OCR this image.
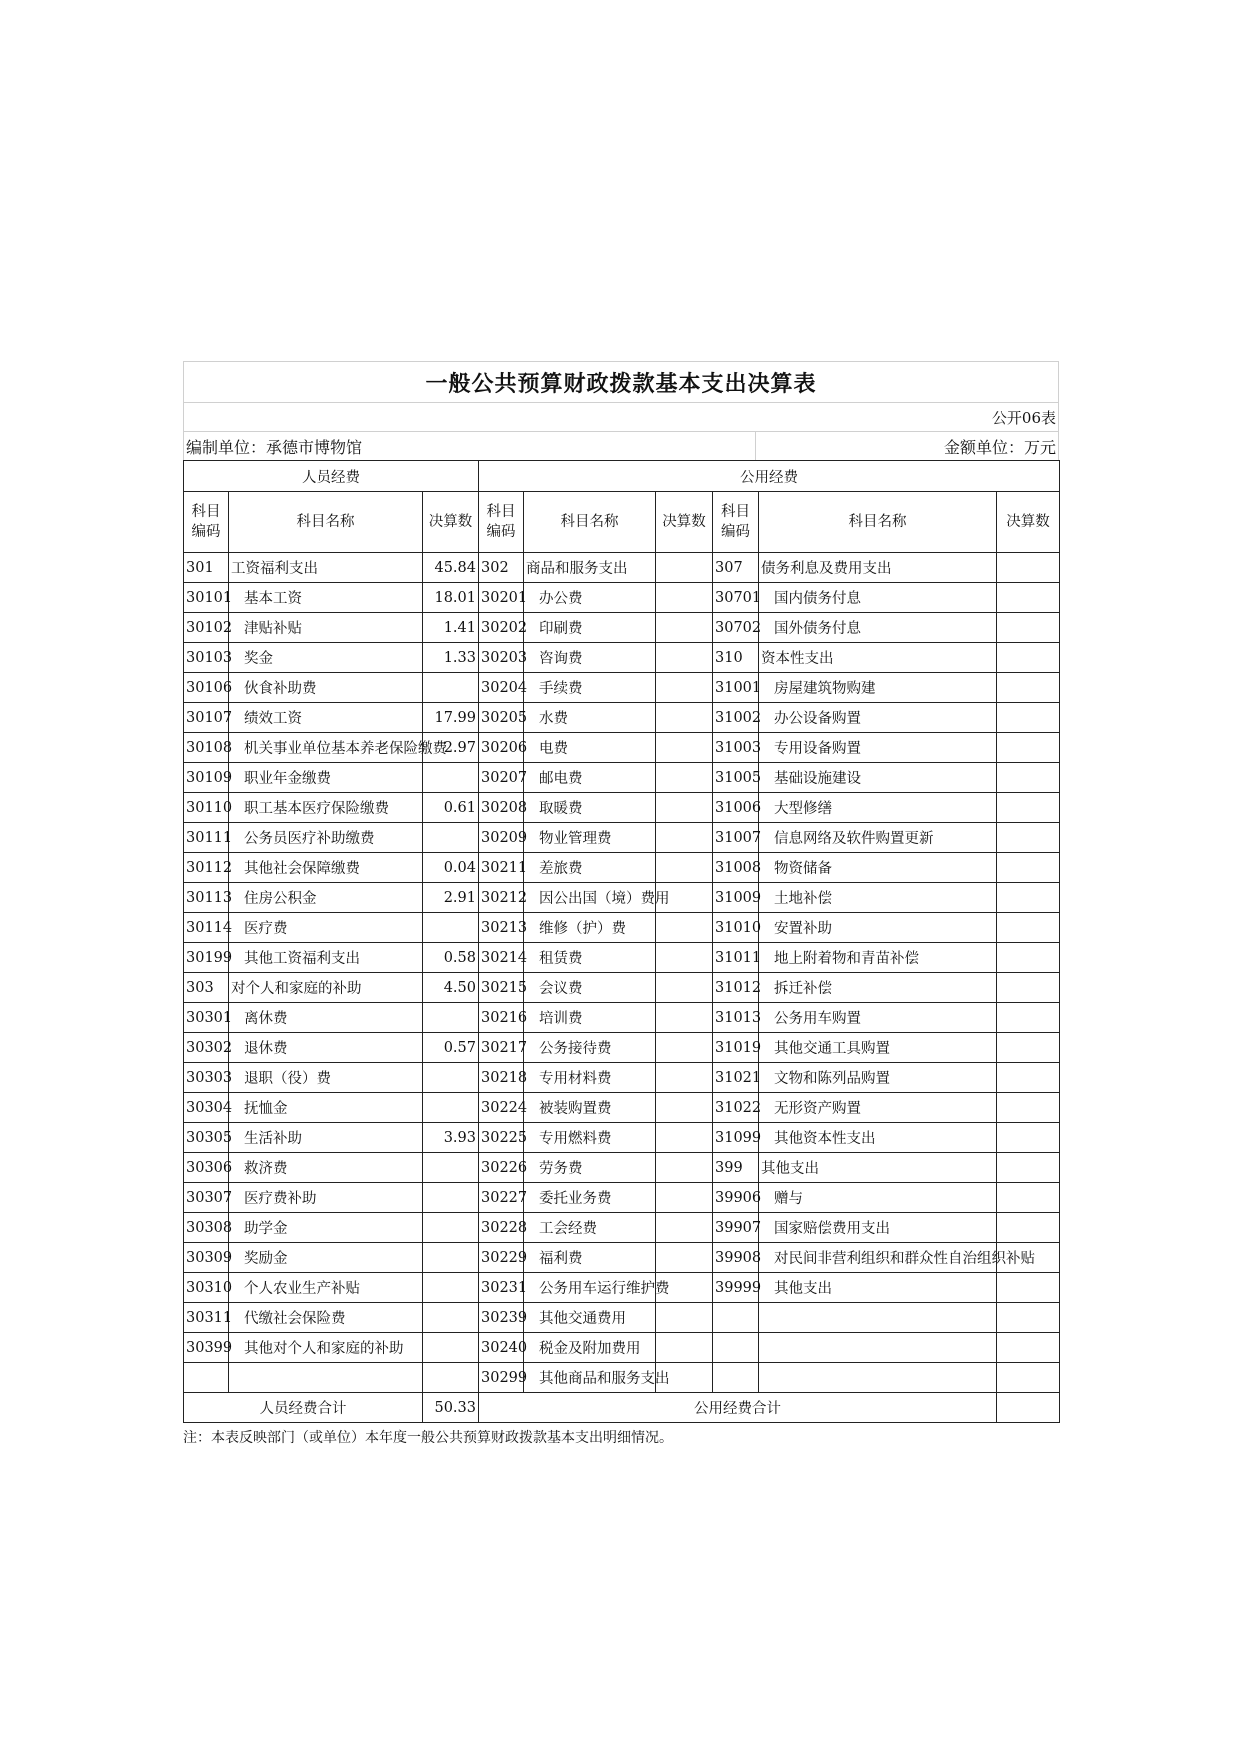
一般公共预算财政拨款基本支出决算表
公开06表
编制单位：承德市博物馆	金额单位：万元
人员经费			公用经费					
科目编码	科目名称	决算数	科目编码	科目名称	决算数	科目编码	科目名称	决算数
301	工资福利支出	45.84	302	商品和服务支出		307	债务利息及费用支出	
30101	基本工资	18.01	30201	办公费		30701	国内债务付息	
30102	津贴补贴	1.41	30202	印刷费		30702	国外债务付息	
30103	奖金	1.33	30203	咨询费		310	资本性支出	
30106	伙食补助费		30204	手续费		31001	房屋建筑物购建	
30107	绩效工资	17.99	30205	水费		31002	办公设备购置	
30108	机关事业单位基本养老保险缴费	2.97	30206	电费		31003	专用设备购置	
30109	职业年金缴费		30207	邮电费		31005	基础设施建设	
30110	职工基本医疗保险缴费	0.61	30208	取暖费		31006	大型修缮	
30111	公务员医疗补助缴费		30209	物业管理费		31007	信息网络及软件购置更新	
30112	其他社会保障缴费	0.04	30211	差旅费		31008	物资储备	
30113	住房公积金	2.91	30212	因公出国（境）费用		31009	土地补偿	
30114	医疗费		30213	维修（护）费		31010	安置补助	
30199	其他工资福利支出	0.58	30214	租赁费		31011	地上附着物和青苗补偿	
303	对个人和家庭的补助	4.50	30215	会议费		31012	拆迁补偿	
30301	离休费		30216	培训费		31013	公务用车购置	
30302	退休费	0.57	30217	公务接待费		31019	其他交通工具购置	
30303	退职（役）费		30218	专用材料费		31021	文物和陈列品购置	
30304	抚恤金		30224	被装购置费		31022	无形资产购置	
30305	生活补助	3.93	30225	专用燃料费		31099	其他资本性支出	
30306	救济费		30226	劳务费		399	其他支出	
30307	医疗费补助		30227	委托业务费		39906	赠与	
30308	助学金		30228	工会经费		39907	国家赔偿费用支出	
30309	奖励金		30229	福利费		39908	对民间非营利组织和群众性自治组织补贴	
30310	个人农业生产补贴		30231	公务用车运行维护费		39999	其他支出	
30311	代缴社会保险费		30239	其他交通费用				
30399	其他对个人和家庭的补助		30240	税金及附加费用				
			30299	其他商品和服务支出				
人员经费合计		50.33	公用经费合计					
注：本表反映部门（或单位）本年度一般公共预算财政拨款基本支出明细情况。
